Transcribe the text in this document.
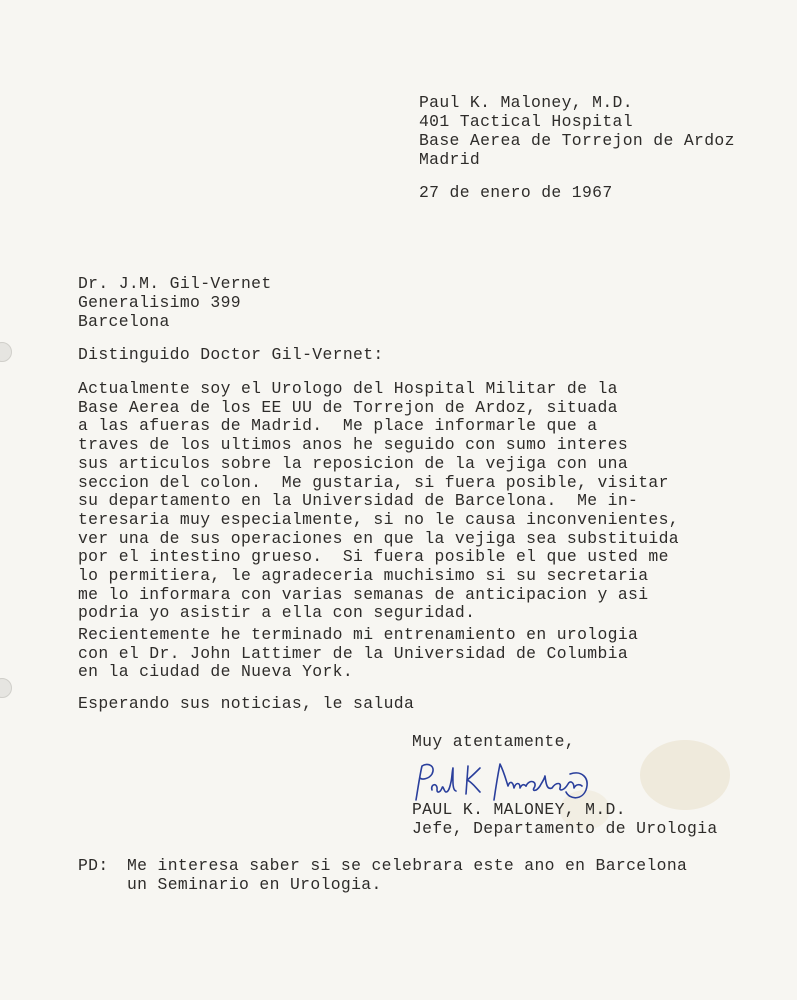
Paul K. Maloney, M.D.
401 Tactical Hospital
Base Aerea de Torrejon de Ardoz
Madrid
27 de enero de 1967
Dr. J.M. Gil-Vernet
Generalisimo 399
Barcelona
Distinguido Doctor Gil-Vernet:
Actualmente soy el Urologo del Hospital Militar de la
Base Aerea de los EE UU de Torrejon de Ardoz, situada
a las afueras de Madrid.  Me place informarle que a
traves de los ultimos anos he seguido con sumo interes
sus articulos sobre la reposicion de la vejiga con una
seccion del colon.  Me gustaria, si fuera posible, visitar
su departamento en la Universidad de Barcelona.  Me in-
teresaria muy especialmente, si no le causa inconvenientes,
ver una de sus operaciones en que la vejiga sea substituida
por el intestino grueso.  Si fuera posible el que usted me
lo permitiera, le agradeceria muchisimo si su secretaria
me lo informara con varias semanas de anticipacion y asi
podria yo asistir a ella con seguridad.
Recientemente he terminado mi entrenamiento en urologia
con el Dr. John Lattimer de la Universidad de Columbia
en la ciudad de Nueva York.
Esperando sus noticias, le saluda
Muy atentamente,
PAUL K. MALONEY, M.D.
Jefe, Departamento de Urologia
PD: Me interesa saber si se celebrara este ano en Barcelona
un Seminario en Urologia.
